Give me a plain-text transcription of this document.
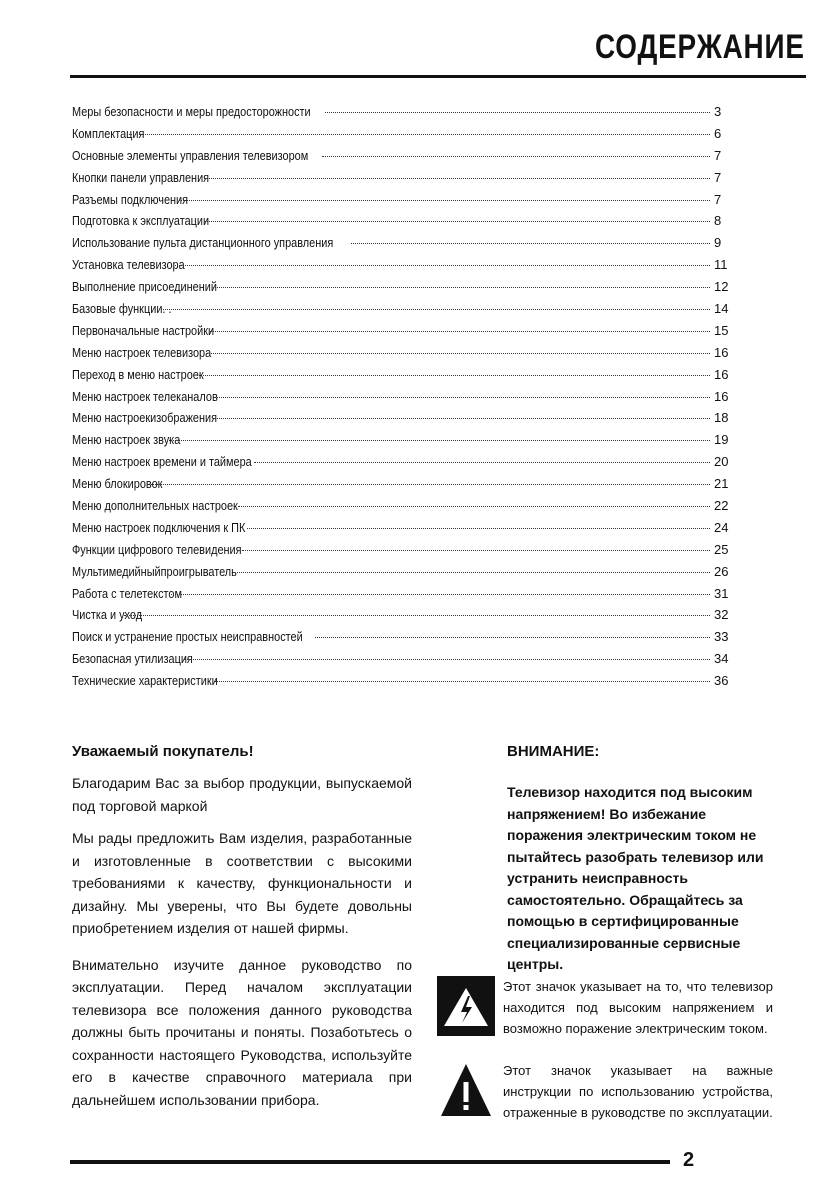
СОДЕРЖАНИЕ
Меры безопасности и меры предосторожности	3
Комплектация	6
Основные элементы управления телевизором	7
Кнопки панели управления	7
Разъемы подключения	7
Подготовка к эксплуатации	8
Использование пульта дистанционного управления	9
Установка телевизора	11
Выполнение присоединений	12
Базовые функции. .	14
Первоначальные настройки	15
Меню настроек телевизора	16
Переход в меню настроек	16
Меню настроек телеканалов	16
Меню настроекизображения	18
Меню настроек звука	19
Меню настроек времени и таймера	20
Меню блокировок	21
Меню дополнительных настроек	22
Меню настроек подключения к ПК	24
Функции цифрового телевидения	25
Мультимедийныйпроигрыватель	26
Работа с телетекстом	31
Чистка и уход	32
Поиск и устранение простых неисправностей	33
Безопасная утилизация	34
Технические характеристики	36

Уважаемый покупатель!

Благодарим Вас за выбор продукции, выпускаемой под торговой маркой

Мы рады предложить Вам изделия, разработанные и изготовленные в соответствии с высокими требованиями к качеству, функциональности и дизайну. Мы уверены, что Вы будете довольны приобретением изделия от нашей фирмы.

Внимательно изучите данное руководство по эксплуатации. Перед началом эксплуатации телевизора все положения данного руководства должны быть прочитаны и поняты. Позаботьтесь о сохранности настоящего Руководства, используйте его в качестве справочного материала при дальнейшем использовании прибора.

ВНИМАНИЕ:

Телевизор находится под высоким напряжением! Во избежание поражения электрическим током не пытайтесь разобрать телевизор или устранить неисправность самостоятельно. Обращайтесь за помощью в сертифицированные специализированные сервисные центры.

Этот значок указывает на то, что телевизор находится под высоким напряжением и возможно поражение электрическим током.

Этот значок указывает на важные инструкции по использованию устройства, отраженные в руководстве по эксплуатации.

2
